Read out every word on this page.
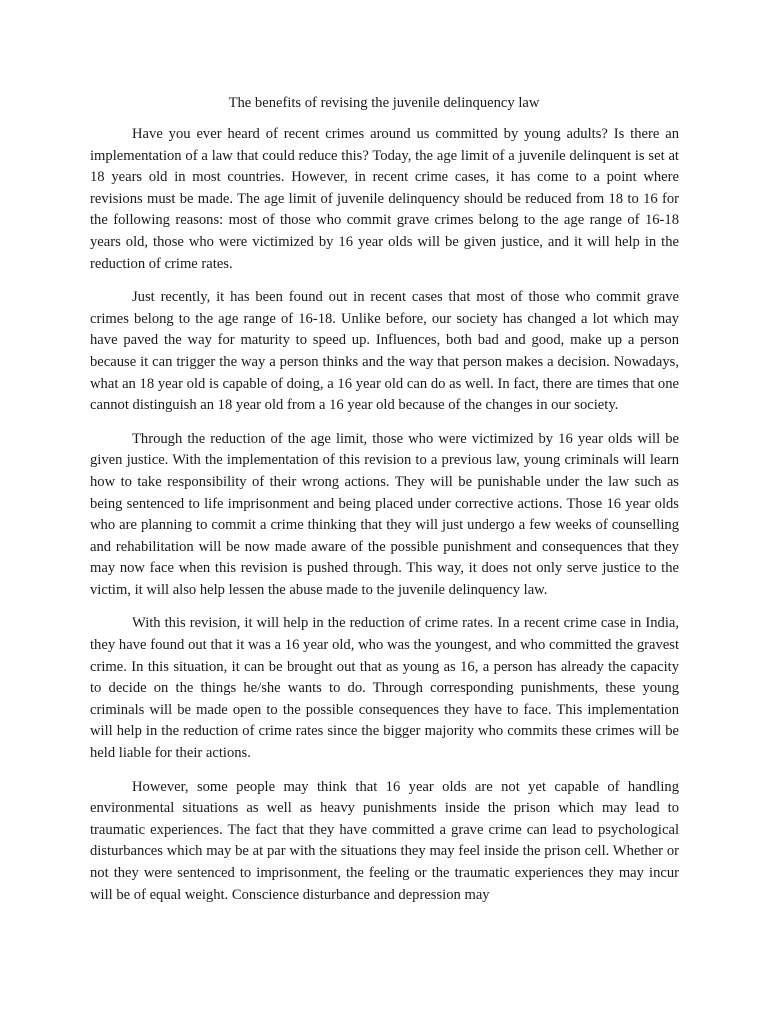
The benefits of revising the juvenile delinquency law

Have you ever heard of recent crimes around us committed by young adults? Is there an implementation of a law that could reduce this? Today, the age limit of a juvenile delinquent is set at 18 years old in most countries. However, in recent crime cases, it has come to a point where revisions must be made. The age limit of juvenile delinquency should be reduced from 18 to 16 for the following reasons: most of those who commit grave crimes belong to the age range of 16-18 years old, those who were victimized by 16 year olds will be given justice, and it will help in the reduction of crime rates.

Just recently, it has been found out in recent cases that most of those who commit grave crimes belong to the age range of 16-18. Unlike before, our society has changed a lot which may have paved the way for maturity to speed up. Influences, both bad and good, make up a person because it can trigger the way a person thinks and the way that person makes a decision. Nowadays, what an 18 year old is capable of doing, a 16 year old can do as well. In fact, there are times that one cannot distinguish an 18 year old from a 16 year old because of the changes in our society.

Through the reduction of the age limit, those who were victimized by 16 year olds will be given justice. With the implementation of this revision to a previous law, young criminals will learn how to take responsibility of their wrong actions. They will be punishable under the law such as being sentenced to life imprisonment and being placed under corrective actions. Those 16 year olds who are planning to commit a crime thinking that they will just undergo a few weeks of counselling and rehabilitation will be now made aware of the possible punishment and consequences that they may now face when this revision is pushed through. This way, it does not only serve justice to the victim, it will also help lessen the abuse made to the juvenile delinquency law.

With this revision, it will help in the reduction of crime rates. In a recent crime case in India, they have found out that it was a 16 year old, who was the youngest, and who committed the gravest crime. In this situation, it can be brought out that as young as 16, a person has already the capacity to decide on the things he/she wants to do. Through corresponding punishments, these young criminals will be made open to the possible consequences they have to face. This implementation will help in the reduction of crime rates since the bigger majority who commits these crimes will be held liable for their actions.

However, some people may think that 16 year olds are not yet capable of handling environmental situations as well as heavy punishments inside the prison which may lead to traumatic experiences. The fact that they have committed a grave crime can lead to psychological disturbances which may be at par with the situations they may feel inside the prison cell. Whether or not they were sentenced to imprisonment, the feeling or the traumatic experiences they may incur will be of equal weight. Conscience disturbance and depression may
